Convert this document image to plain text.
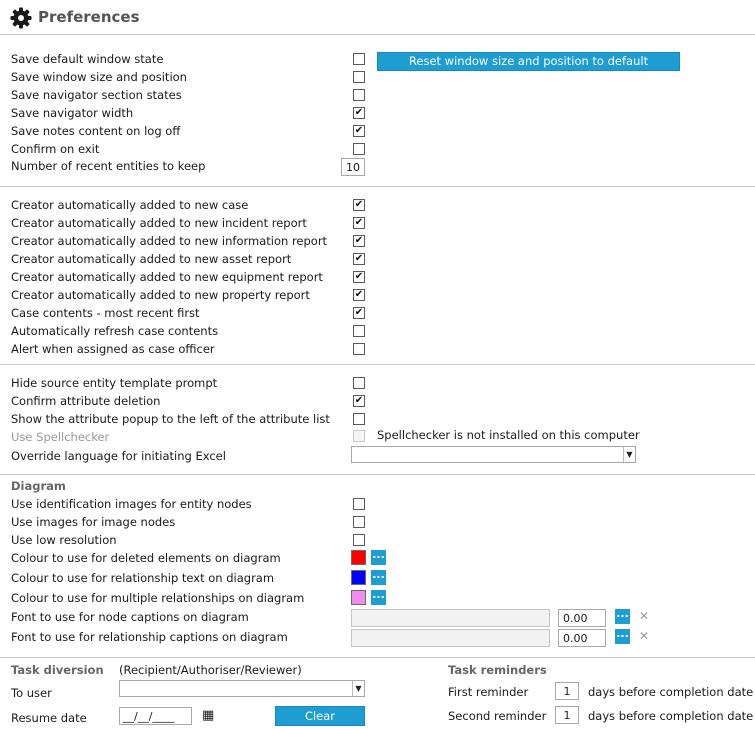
Preferences
Save default window state
Save window size and position
Save navigator section states
Save navigator width	✔
Save notes content on log off	✔
Confirm on exit
Number of recent entities to keep	10
Reset window size and position to default
Creator automatically added to new case	✔
Creator automatically added to new incident report	✔
Creator automatically added to new information report	✔
Creator automatically added to new asset report	✔
Creator automatically added to new equipment report	✔
Creator automatically added to new property report	✔
Case contents - most recent first	✔
Automatically refresh case contents
Alert when assigned as case officer
Hide source entity template prompt
Confirm attribute deletion	✔
Show the attribute popup to the left of the attribute list
Use Spellchecker	Spellchecker is not installed on this computer
Override language for initiating Excel	▼
Diagram
Use identification images for entity nodes
Use images for image nodes
Use low resolution
Colour to use for deleted elements on diagram	...
Colour to use for relationship text on diagram	...
Colour to use for multiple relationships on diagram	...
Font to use for node captions on diagram	0.00	... ✕
Font to use for relationship captions on diagram	0.00	... ✕
Task diversion (Recipient/Authoriser/Reviewer)
To user	▼
Resume date	__/__/____	▦	Clear
Task reminders
First reminder	1	days before completion date
Second reminder	1	days before completion date
